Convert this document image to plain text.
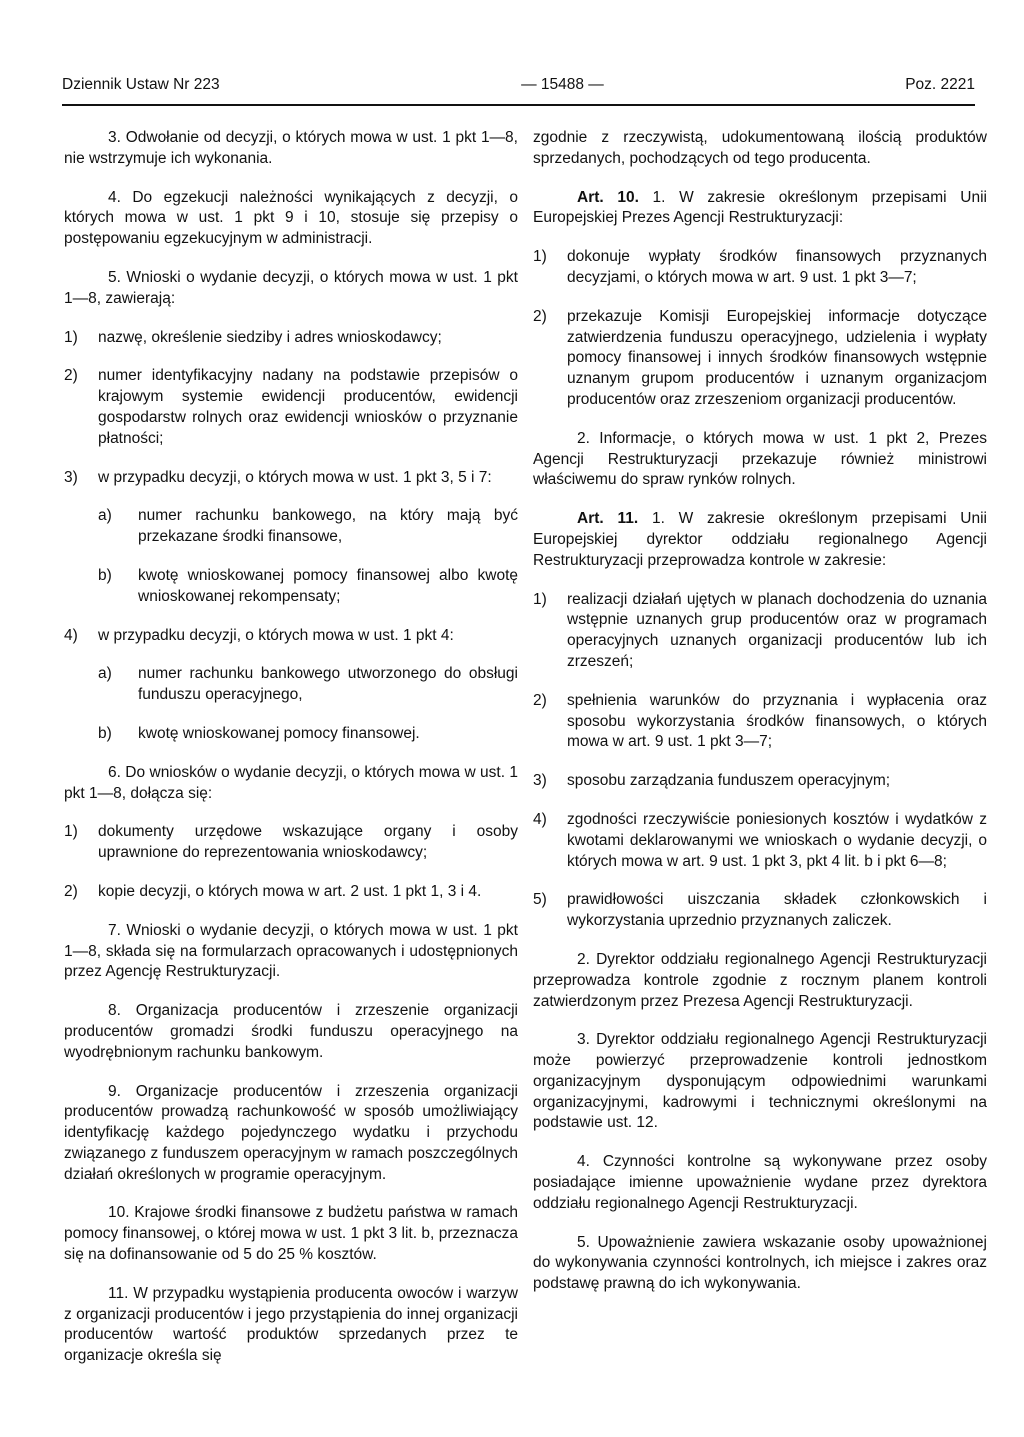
Dziennik Ustaw Nr 223	— 15488 —	Poz. 2221

3. Odwołanie od decyzji, o których mowa w ust. 1 pkt 1—8, nie wstrzymuje ich wykonania.

4. Do egzekucji należności wynikających z decyzji, o których mowa w ust. 1 pkt 9 i 10, stosuje się przepisy o postępowaniu egzekucyjnym w administracji.

5. Wnioski o wydanie decyzji, o których mowa w ust. 1 pkt 1—8, zawierają:

1)	nazwę, określenie siedziby i adres wnioskodawcy;
2)	numer identyfikacyjny nadany na podstawie przepisów o krajowym systemie ewidencji producentów, ewidencji gospodarstw rolnych oraz ewidencji wniosków o przyznanie płatności;
3)	w przypadku decyzji, o których mowa w ust. 1 pkt 3, 5 i 7:
a)	numer rachunku bankowego, na który mają być przekazane środki finansowe,
b)	kwotę wnioskowanej pomocy finansowej albo kwotę wnioskowanej rekompensaty;
4)	w przypadku decyzji, o których mowa w ust. 1 pkt 4:
a)	numer rachunku bankowego utworzonego do obsługi funduszu operacyjnego,
b)	kwotę wnioskowanej pomocy finansowej.

6. Do wniosków o wydanie decyzji, o których mowa w ust. 1 pkt 1—8, dołącza się:

1)	dokumenty urzędowe wskazujące organy i osoby uprawnione do reprezentowania wnioskodawcy;
2)	kopie decyzji, o których mowa w art. 2 ust. 1 pkt 1, 3 i 4.

7. Wnioski o wydanie decyzji, o których mowa w ust. 1 pkt 1—8, składa się na formularzach opracowanych i udostępnionych przez Agencję Restrukturyzacji.

8. Organizacja producentów i zrzeszenie organizacji producentów gromadzi środki funduszu operacyjnego na wyodrębnionym rachunku bankowym.

9. Organizacje producentów i zrzeszenia organizacji producentów prowadzą rachunkowość w sposób umożliwiający identyfikację każdego pojedynczego wydatku i przychodu związanego z funduszem operacyjnym w ramach poszczególnych działań określonych w programie operacyjnym.

10. Krajowe środki finansowe z budżetu państwa w ramach pomocy finansowej, o której mowa w ust. 1 pkt 3 lit. b, przeznacza się na dofinansowanie od 5 do 25 % kosztów.

11. W przypadku wystąpienia producenta owoców i warzyw z organizacji producentów i jego przystąpienia do innej organizacji producentów wartość produktów sprzedanych przez te organizacje określa się

zgodnie z rzeczywistą, udokumentowaną ilością produktów sprzedanych, pochodzących od tego producenta.

Art. 10. 1. W zakresie określonym przepisami Unii Europejskiej Prezes Agencji Restrukturyzacji:

1)	dokonuje wypłaty środków finansowych przyznanych decyzjami, o których mowa w art. 9 ust. 1 pkt 3—7;
2)	przekazuje Komisji Europejskiej informacje dotyczące zatwierdzenia funduszu operacyjnego, udzielenia i wypłaty pomocy finansowej i innych środków finansowych wstępnie uznanym grupom producentów i uznanym organizacjom producentów oraz zrzeszeniom organizacji producentów.

2. Informacje, o których mowa w ust. 1 pkt 2, Prezes Agencji Restrukturyzacji przekazuje również ministrowi właściwemu do spraw rynków rolnych.

Art. 11. 1. W zakresie określonym przepisami Unii Europejskiej dyrektor oddziału regionalnego Agencji Restrukturyzacji przeprowadza kontrole w zakresie:

1)	realizacji działań ujętych w planach dochodzenia do uznania wstępnie uznanych grup producentów oraz w programach operacyjnych uznanych organizacji producentów lub ich zrzeszeń;
2)	spełnienia warunków do przyznania i wypłacenia oraz sposobu wykorzystania środków finansowych, o których mowa w art. 9 ust. 1 pkt 3—7;
3)	sposobu zarządzania funduszem operacyjnym;
4)	zgodności rzeczywiście poniesionych kosztów i wydatków z kwotami deklarowanymi we wnioskach o wydanie decyzji, o których mowa w art. 9 ust. 1 pkt 3, pkt 4 lit. b i pkt 6—8;
5)	prawidłowości uiszczania składek członkowskich i wykorzystania uprzednio przyznanych zaliczek.

2. Dyrektor oddziału regionalnego Agencji Restrukturyzacji przeprowadza kontrole zgodnie z rocznym planem kontroli zatwierdzonym przez Prezesa Agencji Restrukturyzacji.

3. Dyrektor oddziału regionalnego Agencji Restrukturyzacji może powierzyć przeprowadzenie kontroli jednostkom organizacyjnym dysponującym odpowiednimi warunkami organizacyjnymi, kadrowymi i technicznymi określonymi na podstawie ust. 12.

4. Czynności kontrolne są wykonywane przez osoby posiadające imienne upoważnienie wydane przez dyrektora oddziału regionalnego Agencji Restrukturyzacji.

5. Upoważnienie zawiera wskazanie osoby upoważnionej do wykonywania czynności kontrolnych, ich miejsce i zakres oraz podstawę prawną do ich wykonywania.
